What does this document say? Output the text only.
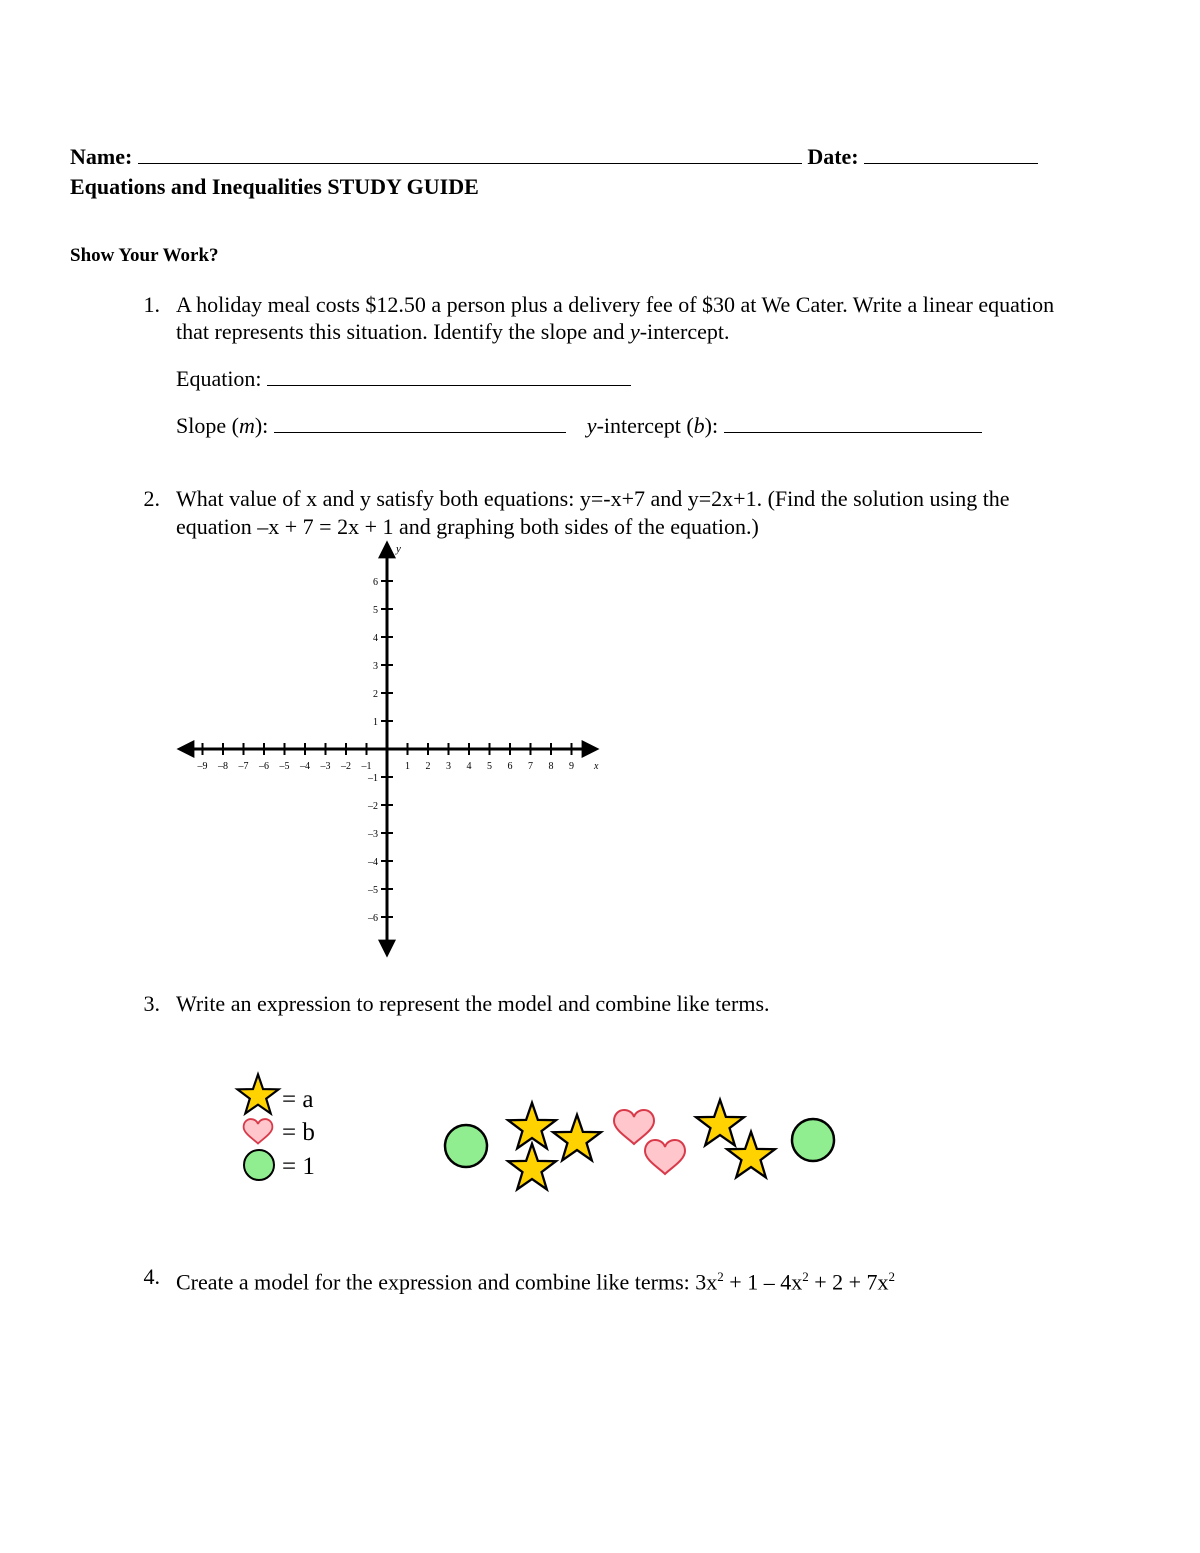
Name:	Date:
Equations and Inequalities STUDY GUIDE
Show Your Work?
1. A holiday meal costs $12.50 a person plus a delivery fee of $30 at We Cater. Write a linear equation
that represents this situation. Identify the slope and y-intercept.
Equation:
Slope (m):	y-intercept (b):
2. What value of x and y satisfy both equations: y=-x+7 and y=2x+1. (Find the solution using the
equation –x + 7 = 2x + 1 and graphing both sides of the equation.)
–9 –8 –7 –6 –5 –4 –3 –2 –1	1 2 3 4 5 6 7 8 9
1
2
3
4
5
6
–1
–2
–3
–4
–5
–6
x
y
3. Write an expression to represent the model and combine like terms.
= a
= b
= 1
4. Create a model for the expression and combine like terms: $3x^2 + 1 - 4x^2 + 2 + 7x^2$
